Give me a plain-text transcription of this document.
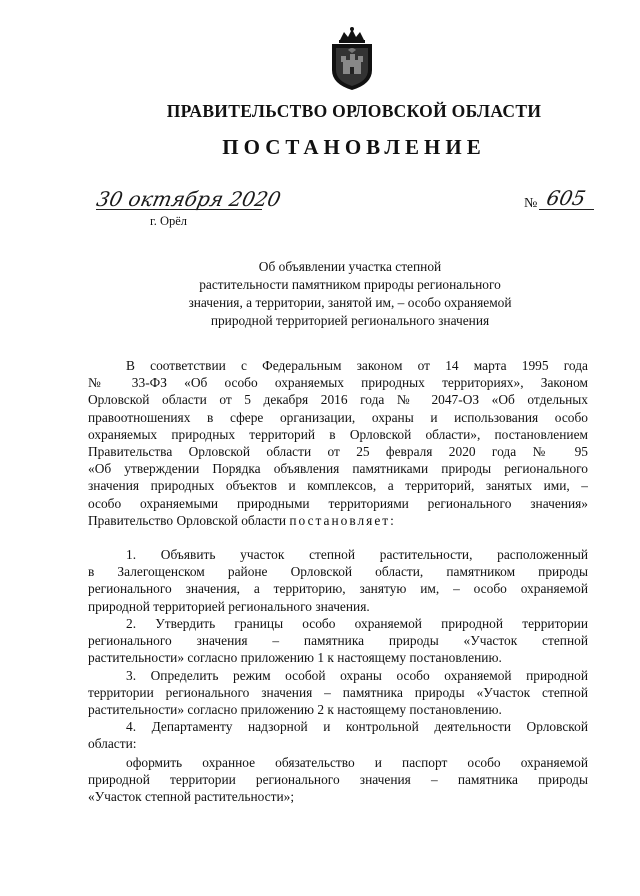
ПРАВИТЕЛЬСТВО ОРЛОВСКОЙ ОБЛАСТИ
ПОСТАНОВЛЕНИЕ
30 октября 2020
г. Орёл
№ 605
Об объявлении участка степной
растительности памятником природы регионального
значения, а территории, занятой им, – особо охраняемой
природной территорией регионального значения
В соответствии с Федеральным законом от 14 марта 1995 года
№ 33-ФЗ «Об особо охраняемых природных территориях», Законом
Орловской области от 5 декабря 2016 года № 2047-ОЗ «Об отдельных
правоотношениях в сфере организации, охраны и использования особо
охраняемых природных территорий в Орловской области», постановлением
Правительства Орловской области от 25 февраля 2020 года № 95
«Об утверждении Порядка объявления памятниками природы регионального
значения природных объектов и комплексов, а территорий, занятых ими, –
особо охраняемыми природными территориями регионального значения»
Правительство Орловской области постановляет:
1. Объявить участок степной растительности, расположенный
в Залегощенском районе Орловской области, памятником природы
регионального значения, а территорию, занятую им, – особо охраняемой
природной территорией регионального значения.
2. Утвердить границы особо охраняемой природной территории
регионального значения – памятника природы «Участок степной
растительности» согласно приложению 1 к настоящему постановлению.
3. Определить режим особой охраны особо охраняемой природной
территории регионального значения – памятника природы «Участок степной
растительности» согласно приложению 2 к настоящему постановлению.
4. Департаменту надзорной и контрольной деятельности Орловской
области:
оформить охранное обязательство и паспорт особо охраняемой
природной территории регионального значения – памятника природы
«Участок степной растительности»;
